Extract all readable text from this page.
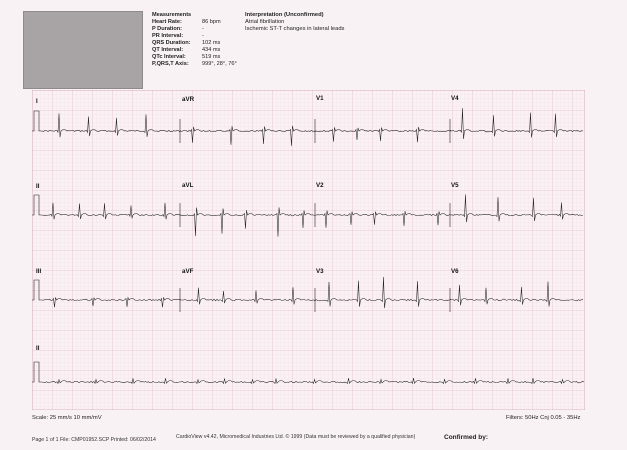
Measurements
Heart Rate:	86 bpm
P Duration:	-
PR Interval:	-
QRS Duration:	102 ms
QT Interval:	434 ms
QTc Interval:	519 ms
P,QRS,T Axis:	999°, 28°, 76°
Interpretation (Unconfirmed)
Atrial fibrillation
Ischemic ST-T changes in lateral leads
I	aVR	V1	V4
II	aVL	V2	V5
III	aVF	V3	V6
II
Scale: 25 mm/s 10 mm/mV	Filters: 50Hz Cnj 0.05 - 35Hz
Page 1 of 1 File: CMP01952.SCP Printed: 06/02/2014	CardioView v4.42, Micromedical Industries Ltd. © 1999 (Data must be reviewed by a qualified physician)	Confirmed by:
